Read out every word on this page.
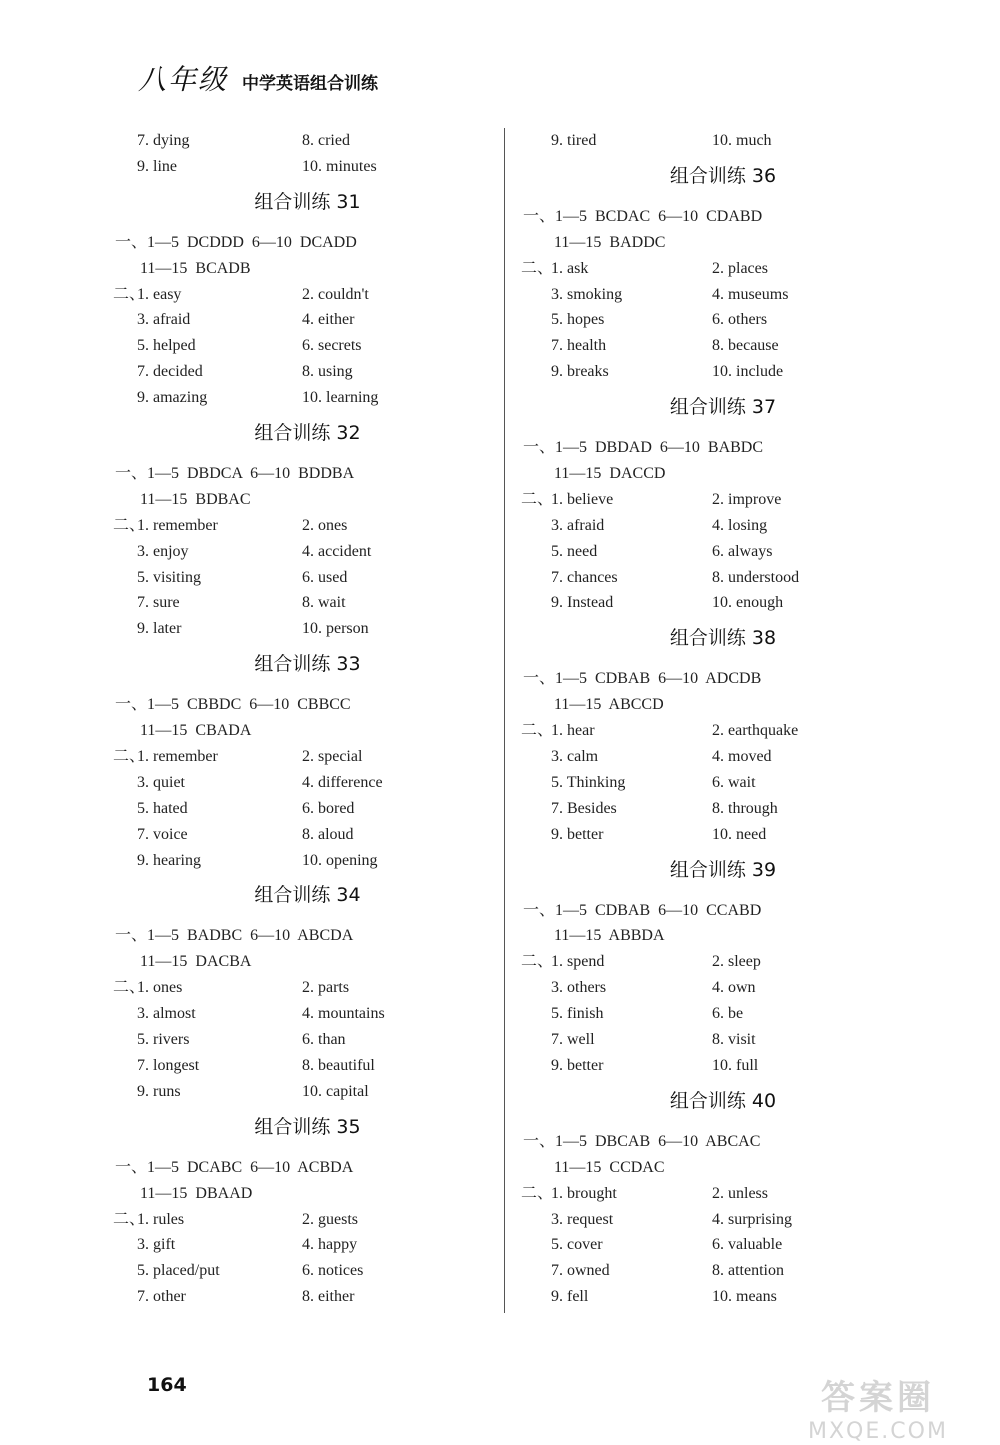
八年级 中学英语组合训练
7. dying	8. cried
9. line	10. minutes
组合训练 31
一、1—5  DCDDD  6—10  DCADD
11—15  BCADB
二、
1. easy	2. couldn't
3. afraid	4. either
5. helped	6. secrets
7. decided	8. using
9. amazing	10. learning
组合训练 32
一、1—5  DBDCA  6—10  BDDBA
11—15  BDBAC
二、
1. remember	2. ones
3. enjoy	4. accident
5. visiting	6. used
7. sure	8. wait
9. later	10. person
组合训练 33
一、1—5  CBBDC  6—10  CBBCC
11—15  CBADA
二、
1. remember	2. special
3. quiet	4. difference
5. hated	6. bored
7. voice	8. aloud
9. hearing	10. opening
组合训练 34
一、1—5  BADBC  6—10  ABCDA
11—15  DACBA
二、
1. ones	2. parts
3. almost	4. mountains
5. rivers	6. than
7. longest	8. beautiful
9. runs	10. capital
组合训练 35
一、1—5  DCABC  6—10  ACBDA
11—15  DBAAD
二、
1. rules	2. guests
3. gift	4. happy
5. placed/put	6. notices
7. other	8. either
9. tired	10. much
组合训练 36
一、1—5  BCDAC  6—10  CDABD
11—15  BADDC
二、
1. ask	2. places
3. smoking	4. museums
5. hopes	6. others
7. health	8. because
9. breaks	10. include
组合训练 37
一、1—5  DBDAD  6—10  BABDC
11—15  DACCD
二、
1. believe	2. improve
3. afraid	4. losing
5. need	6. always
7. chances	8. understood
9. Instead	10. enough
组合训练 38
一、1—5  CDBAB  6—10  ADCDB
11—15  ABCCD
二、
1. hear	2. earthquake
3. calm	4. moved
5. Thinking	6. wait
7. Besides	8. through
9. better	10. need
组合训练 39
一、1—5  CDBAB  6—10  CCABD
11—15  ABBDA
二、
1. spend	2. sleep
3. others	4. own
5. finish	6. be
7. well	8. visit
9. better	10. full
组合训练 40
一、1—5  DBCAB  6—10  ABCAC
11—15  CCDAC
二、
1. brought	2. unless
3. request	4. surprising
5. cover	6. valuable
7. owned	8. attention
9. fell	10. means
164	答案圈
MXQE.COM
